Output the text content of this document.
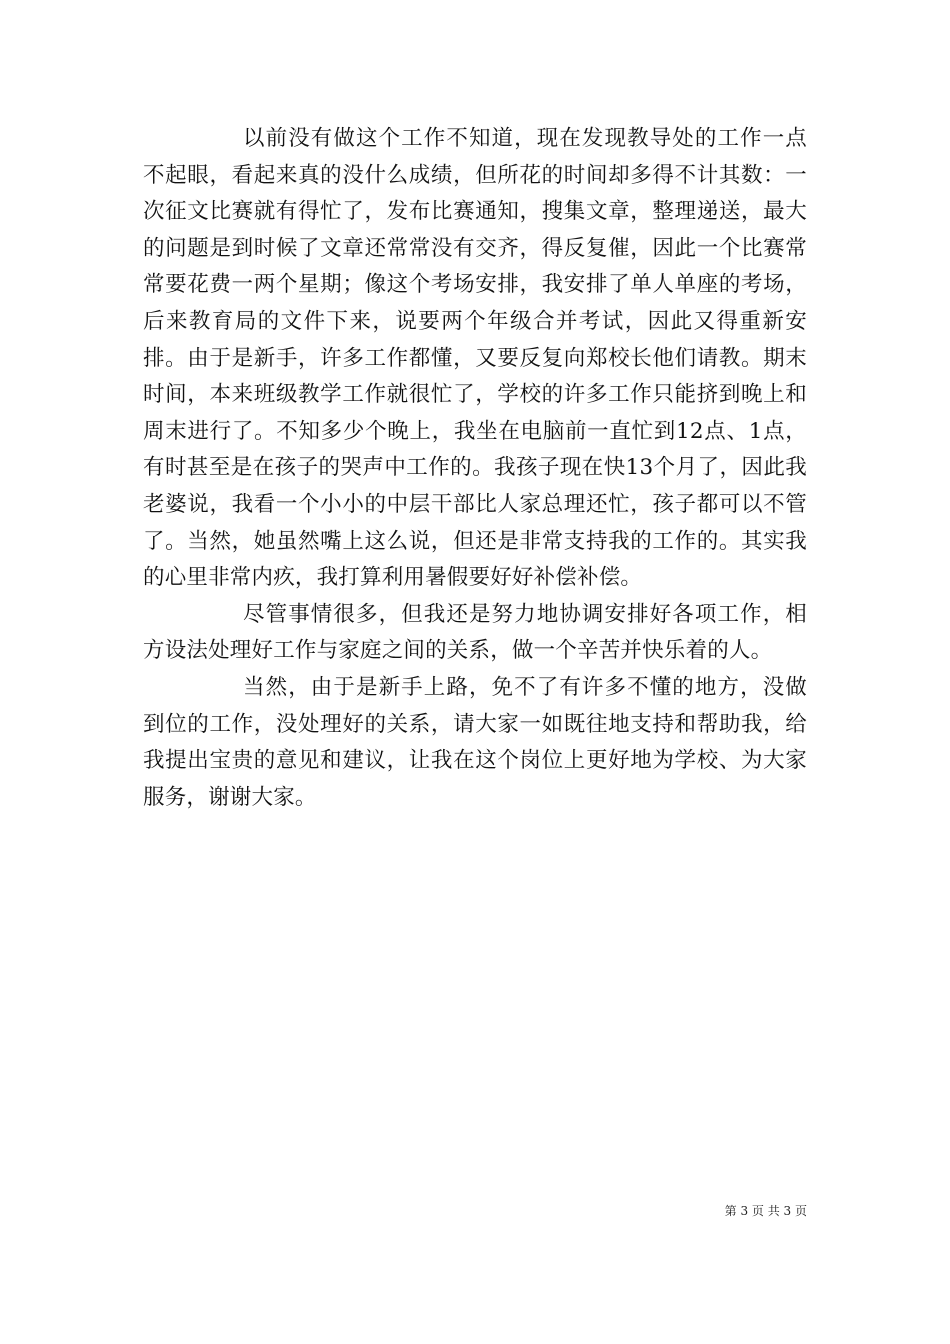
以前没有做这个工作不知道，现在发现教导处的工作一点不起眼，看起来真的没什么成绩，但所花的时间却多得不计其数：一次征文比赛就有得忙了，发布比赛通知，搜集文章，整理递送，最大的问题是到时候了文章还常常没有交齐，得反复催，因此一个比赛常常要花费一两个星期；像这个考场安排，我安排了单人单座的考场，后来教育局的文件下来，说要两个年级合并考试，因此又得重新安排。由于是新手，许多工作都懂，又要反复向郑校长他们请教。期末时间，本来班级教学工作就很忙了，学校的许多工作只能挤到晚上和周末进行了。不知多少个晚上，我坐在电脑前一直忙到12点、1点，有时甚至是在孩子的哭声中工作的。我孩子现在快13个月了，因此我老婆说，我看一个小小的中层干部比人家总理还忙，孩子都可以不管了。当然，她虽然嘴上这么说，但还是非常支持我的工作的。其实我的心里非常内疚，我打算利用暑假要好好补偿补偿。

尽管事情很多，但我还是努力地协调安排好各项工作，相方设法处理好工作与家庭之间的关系，做一个辛苦并快乐着的人。

当然，由于是新手上路，免不了有许多不懂的地方，没做到位的工作，没处理好的关系，请大家一如既往地支持和帮助我，给我提出宝贵的意见和建议，让我在这个岗位上更好地为学校、为大家服务，谢谢大家。

第 3 页 共 3 页
